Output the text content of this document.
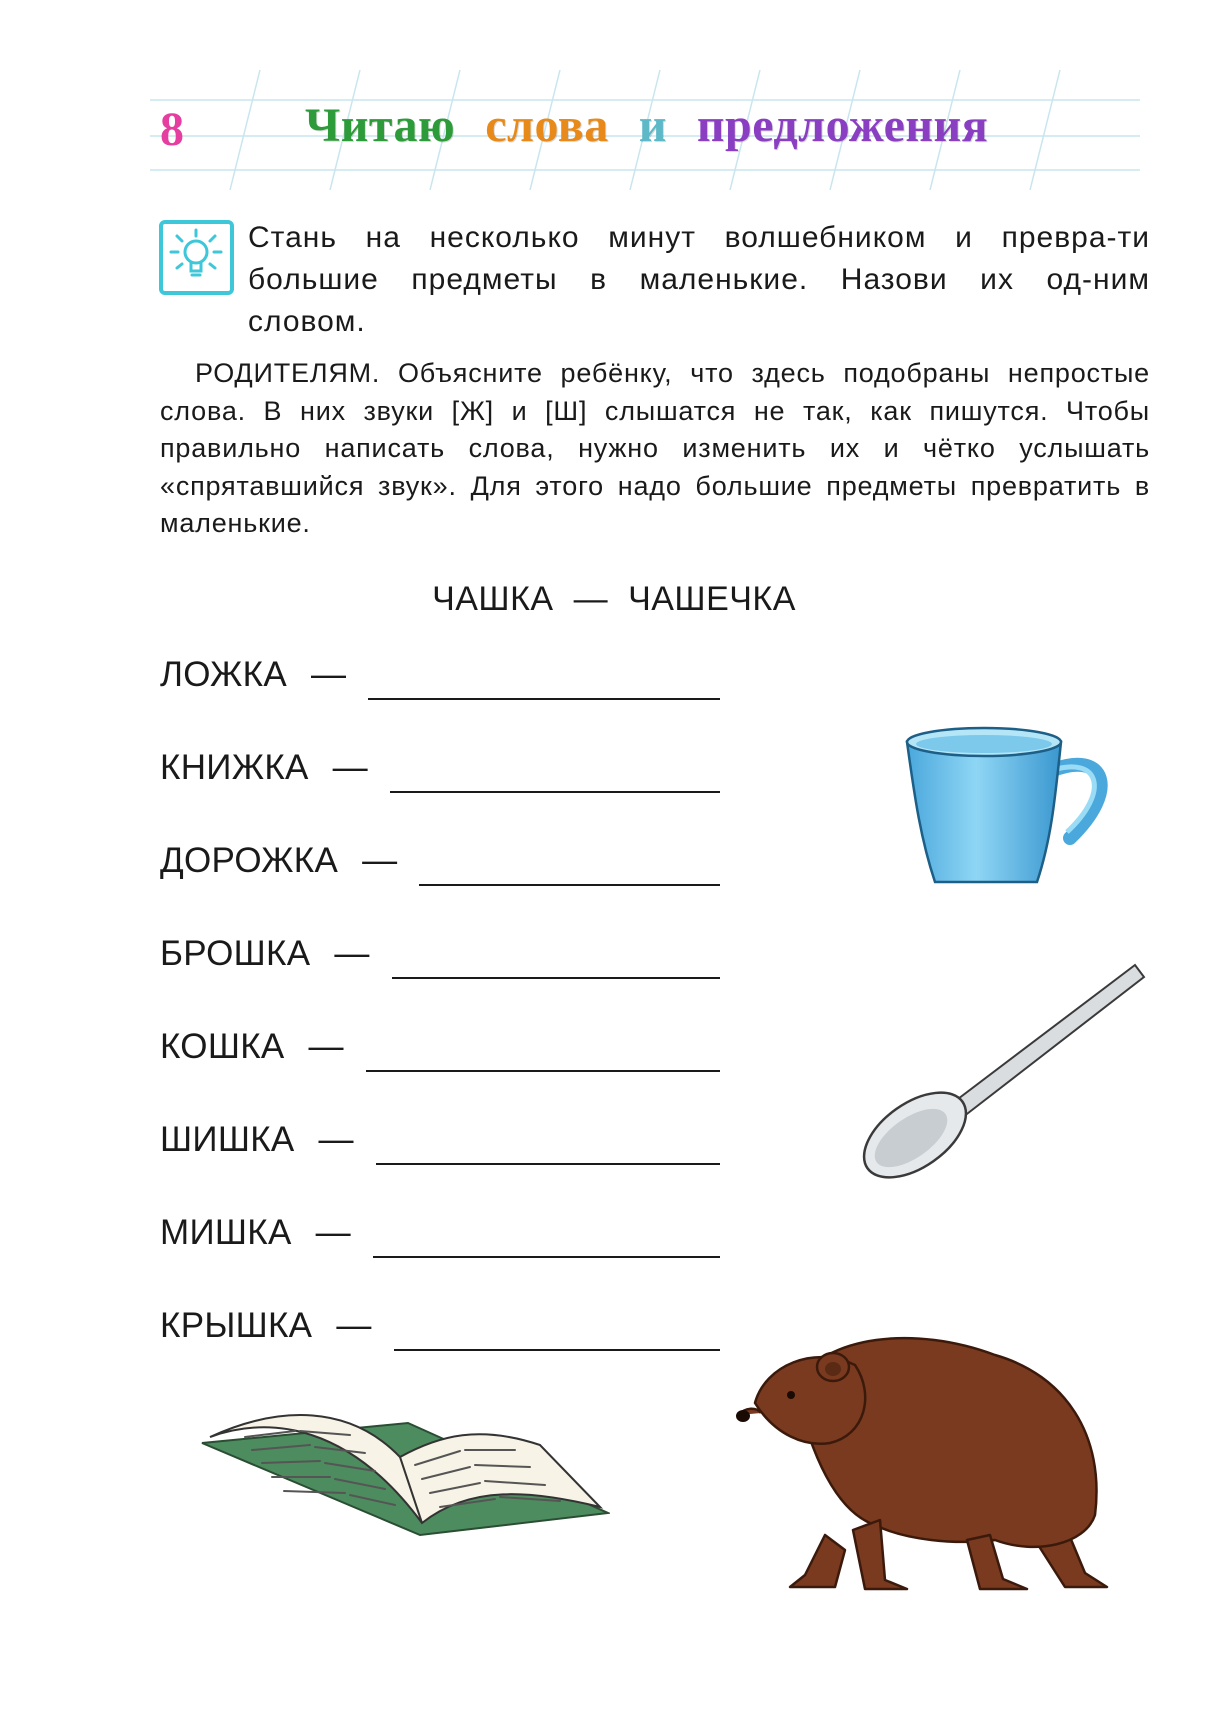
8	Читаю слова и предложения
Стань на несколько минут волшебником и превра-ти большие предметы в маленькие. Назови их од-ним словом.
РОДИТЕЛЯМ. Объясните ребёнку, что здесь подобраны непростые слова. В них звуки [Ж] и [Ш] слышатся не так, как пишутся. Чтобы правильно написать слова, нужно изменить их и чётко услышать «спрятавшийся звук». Для этого надо большие предметы превратить в маленькие.
ЧАШКА — ЧАШЕЧКА
ЛОЖКА —
КНИЖКА —
ДОРОЖКА —
БРОШКА —
КОШКА —
ШИШКА —
МИШКА —
КРЫШКА —
